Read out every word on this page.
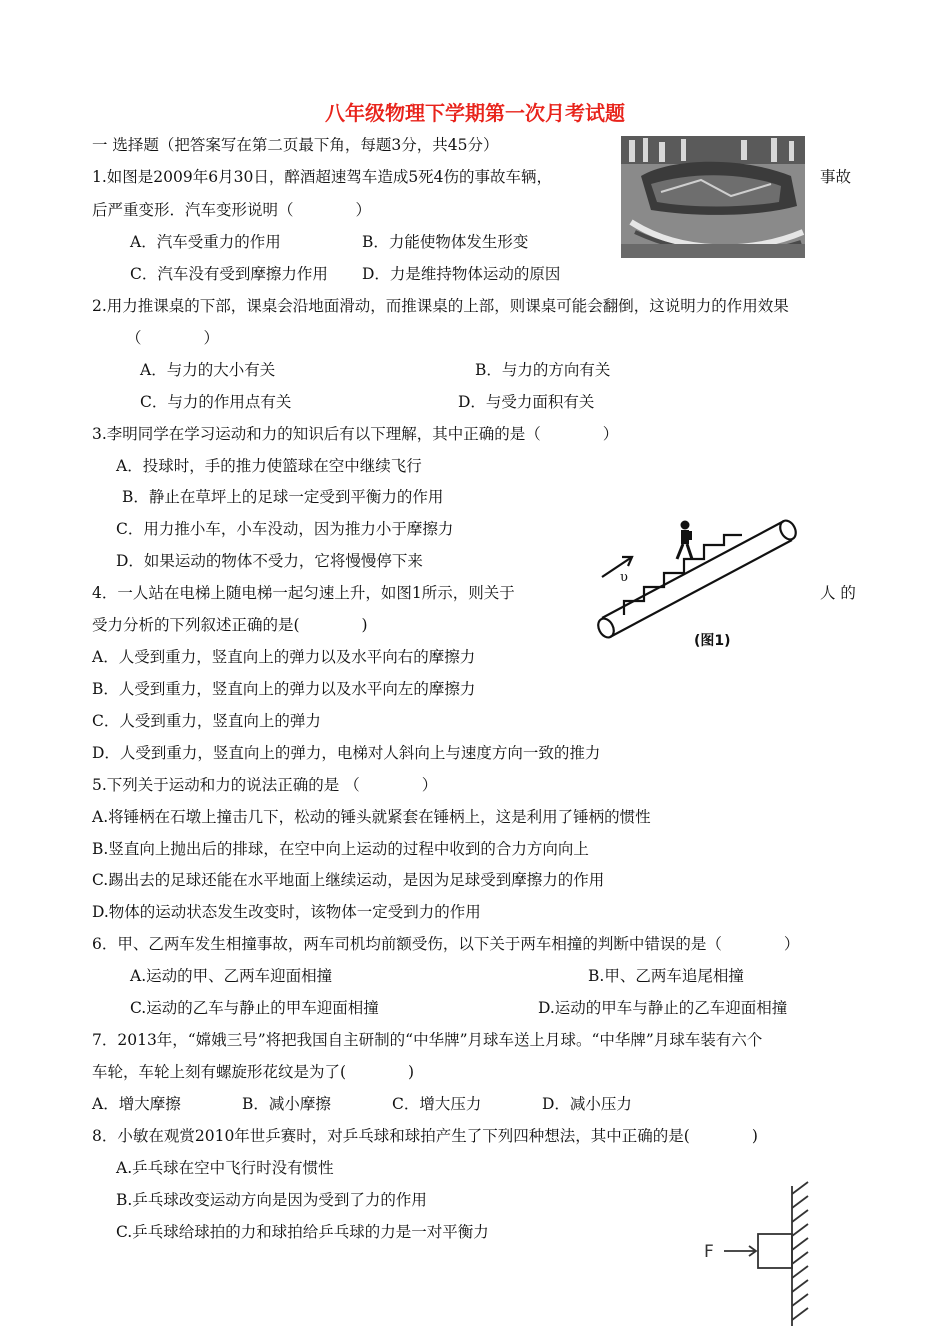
八年级物理下学期第一次月考试题
一 选择题（把答案写在第二页最下角，每题3分，共45分）
1.如图是2009年6月30日，醉酒超速驾车造成5死4伤的事故车辆，	事故
后严重变形．汽车变形说明（　　　　）
A．汽车受重力的作用	B．力能使物体发生形变
C．汽车没有受到摩擦力作用 D．力是维持物体运动的原因
2.用力推课桌的下部，课桌会沿地面滑动，而推课桌的上部，则课桌可能会翻倒，这说明力的作用效果
（　　　　）
A．与力的大小有关	B．与力的方向有关
C．与力的作用点有关	D．与受力面积有关
3.李明同学在学习运动和力的知识后有以下理解，其中正确的是（　　　　）
A．投球时，手的推力使篮球在空中继续飞行
B．静止在草坪上的足球一定受到平衡力的作用
C．用力推小车，小车没动，因为推力小于摩擦力
D．如果运动的物体不受力，它将慢慢停下来
υ
(图1)
4．一人站在电梯上随电梯一起匀速上升，如图1所示，则关于	人 的
受力分析的下列叙述正确的是(　　　　)
A．人受到重力，竖直向上的弹力以及水平向右的摩擦力
B．人受到重力，竖直向上的弹力以及水平向左的摩擦力
C．人受到重力，竖直向上的弹力
D．人受到重力，竖直向上的弹力，电梯对人斜向上与速度方向一致的推力
5.下列关于运动和力的说法正确的是 （　　　　）
A.将锤柄在石墩上撞击几下，松动的锤头就紧套在锤柄上，这是利用了锤柄的惯性
B.竖直向上抛出后的排球，在空中向上运动的过程中收到的合力方向向上
C.踢出去的足球还能在水平地面上继续运动，是因为足球受到摩擦力的作用
D.物体的运动状态发生改变时，该物体一定受到力的作用
6．甲、乙两车发生相撞事故，两车司机均前额受伤，以下关于两车相撞的判断中错误的是（　　　　）
A.运动的甲、乙两车迎面相撞	B.甲、乙两车追尾相撞
C.运动的乙车与静止的甲车迎面相撞	D.运动的甲车与静止的乙车迎面相撞
7．2013年，“嫦娥三号”将把我国自主研制的“中华牌”月球车送上月球。“中华牌”月球车装有六个
车轮，车轮上刻有螺旋形花纹是为了(　　　　)
A．增大摩擦	B．减小摩擦	C．增大压力	D．减小压力
8．小敏在观赏2010年世乒赛时，对乒乓球和球拍产生了下列四种想法，其中正确的是(　　　　)
A.乒乓球在空中飞行时没有惯性
B.乒乓球改变运动方向是因为受到了力的作用
C.乒乓球给球拍的力和球拍给乒乓球的力是一对平衡力
F
